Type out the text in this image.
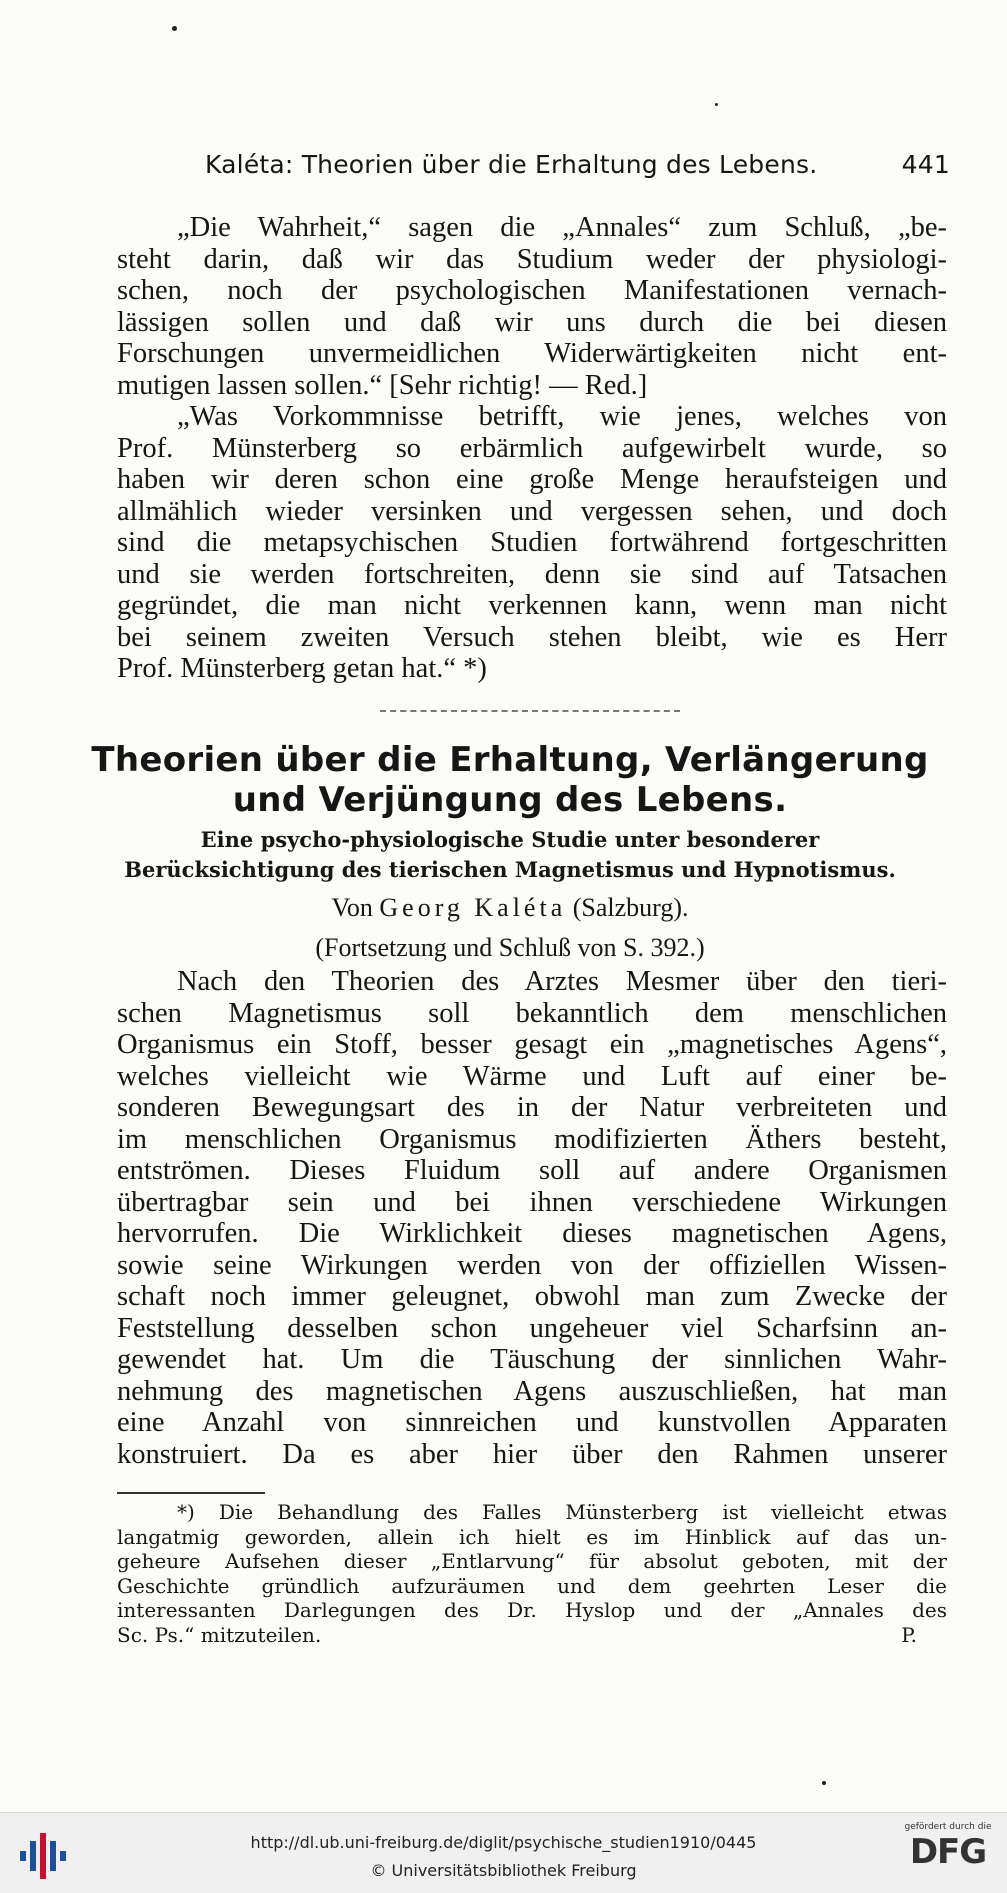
Kaléta: Theorien über die Erhaltung des Lebens.	441
„Die Wahrheit,“ sagen die „Annales“ zum Schluß, „be-
steht darin, daß wir das Studium weder der physiologi-
schen, noch der psychologischen Manifestationen vernach-
lässigen sollen und daß wir uns durch die bei diesen
Forschungen unvermeidlichen Widerwärtigkeiten nicht ent-
mutigen lassen sollen.“ [Sehr richtig! — Red.]
„Was Vorkommnisse betrifft, wie jenes, welches von
Prof. Münsterberg so erbärmlich aufgewirbelt wurde, so
haben wir deren schon eine große Menge heraufsteigen und
allmählich wieder versinken und vergessen sehen, und doch
sind die metapsychischen Studien fortwährend fortgeschritten
und sie werden fortschreiten, denn sie sind auf Tatsachen
gegründet, die man nicht verkennen kann, wenn man nicht
bei seinem zweiten Versuch stehen bleibt, wie es Herr
Prof. Münsterberg getan hat.“ *)
Theorien über die Erhaltung, Verlängerung
und Verjüngung des Lebens.
Eine psycho-physiologische Studie unter besonderer
Berücksichtigung des tierischen Magnetismus und Hypnotismus.
Von Georg Kaléta (Salzburg).
(Fortsetzung und Schluß von S. 392.)
Nach den Theorien des Arztes Mesmer über den tieri-
schen Magnetismus soll bekanntlich dem menschlichen
Organismus ein Stoff, besser gesagt ein „magnetisches Agens“,
welches vielleicht wie Wärme und Luft auf einer be-
sonderen Bewegungsart des in der Natur verbreiteten und
im menschlichen Organismus modifizierten Äthers besteht,
entströmen. Dieses Fluidum soll auf andere Organismen
übertragbar sein und bei ihnen verschiedene Wirkungen
hervorrufen. Die Wirklichkeit dieses magnetischen Agens,
sowie seine Wirkungen werden von der offiziellen Wissen-
schaft noch immer geleugnet, obwohl man zum Zwecke der
Feststellung desselben schon ungeheuer viel Scharfsinn an-
gewendet hat. Um die Täuschung der sinnlichen Wahr-
nehmung des magnetischen Agens auszuschließen, hat man
eine Anzahl von sinnreichen und kunstvollen Apparaten
konstruiert. Da es aber hier über den Rahmen unserer
*) Die Behandlung des Falles Münsterberg ist vielleicht etwas
langatmig geworden, allein ich hielt es im Hinblick auf das un-
geheure Aufsehen dieser „Entlarvung“ für absolut geboten, mit der
Geschichte gründlich aufzuräumen und dem geehrten Leser die
interessanten Darlegungen des Dr. Hyslop und der „Annales des
Sc. Ps.“ mitzuteilen.	P.
http://dl.ub.uni-freiburg.de/diglit/psychische_studien1910/0445
© Universitätsbibliothek Freiburg
gefördert durch die
DFG
